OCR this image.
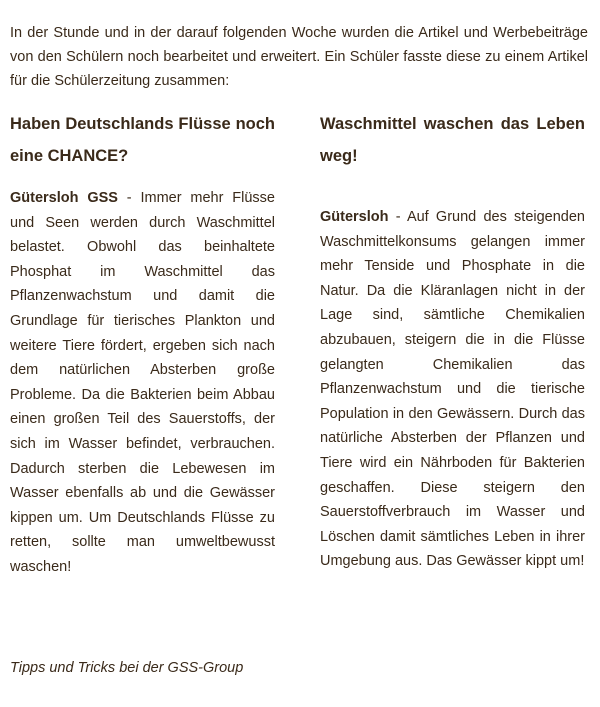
In der Stunde und in der darauf folgenden Woche wurden die Artikel und Werbebeiträge von den Schülern noch bearbeitet und erweitert. Ein Schüler fasste diese zu einem Artikel für die Schülerzeitung zusammen:

Haben Deutschlands Flüsse noch eine CHANCE?

Gütersloh GSS - Immer mehr Flüsse und Seen werden durch Waschmittel belastet. Obwohl das beinhaltete Phosphat im Waschmittel das Pflanzenwachstum und damit die Grundlage für tierisches Plankton und weitere Tiere fördert, ergeben sich nach dem natürlichen Absterben große Probleme. Da die Bakterien beim Abbau einen großen Teil des Sauerstoffs, der sich im Wasser befindet, verbrauchen. Dadurch sterben die Lebewesen im Wasser ebenfalls ab und die Gewässer kippen um. Um Deutschlands Flüsse zu retten, sollte man umweltbewusst waschen!

Waschmittel waschen das Leben weg!

Gütersloh - Auf Grund des steigenden Waschmittelkonsums gelangen immer mehr Tenside und Phosphate in die Natur. Da die Kläranlagen nicht in der Lage sind, sämtliche Chemikalien abzubauen, steigern die in die Flüsse gelangten Chemikalien das Pflanzenwachstum und die tierische Population in den Gewässern. Durch das natürliche Absterben der Pflanzen und Tiere wird ein Nährboden für Bakterien geschaffen. Diese steigern den Sauerstoffverbrauch im Wasser und Löschen damit sämtliches Leben in ihrer Umgebung aus. Das Gewässer kippt um!

Tipps und Tricks bei der GSS-Group
